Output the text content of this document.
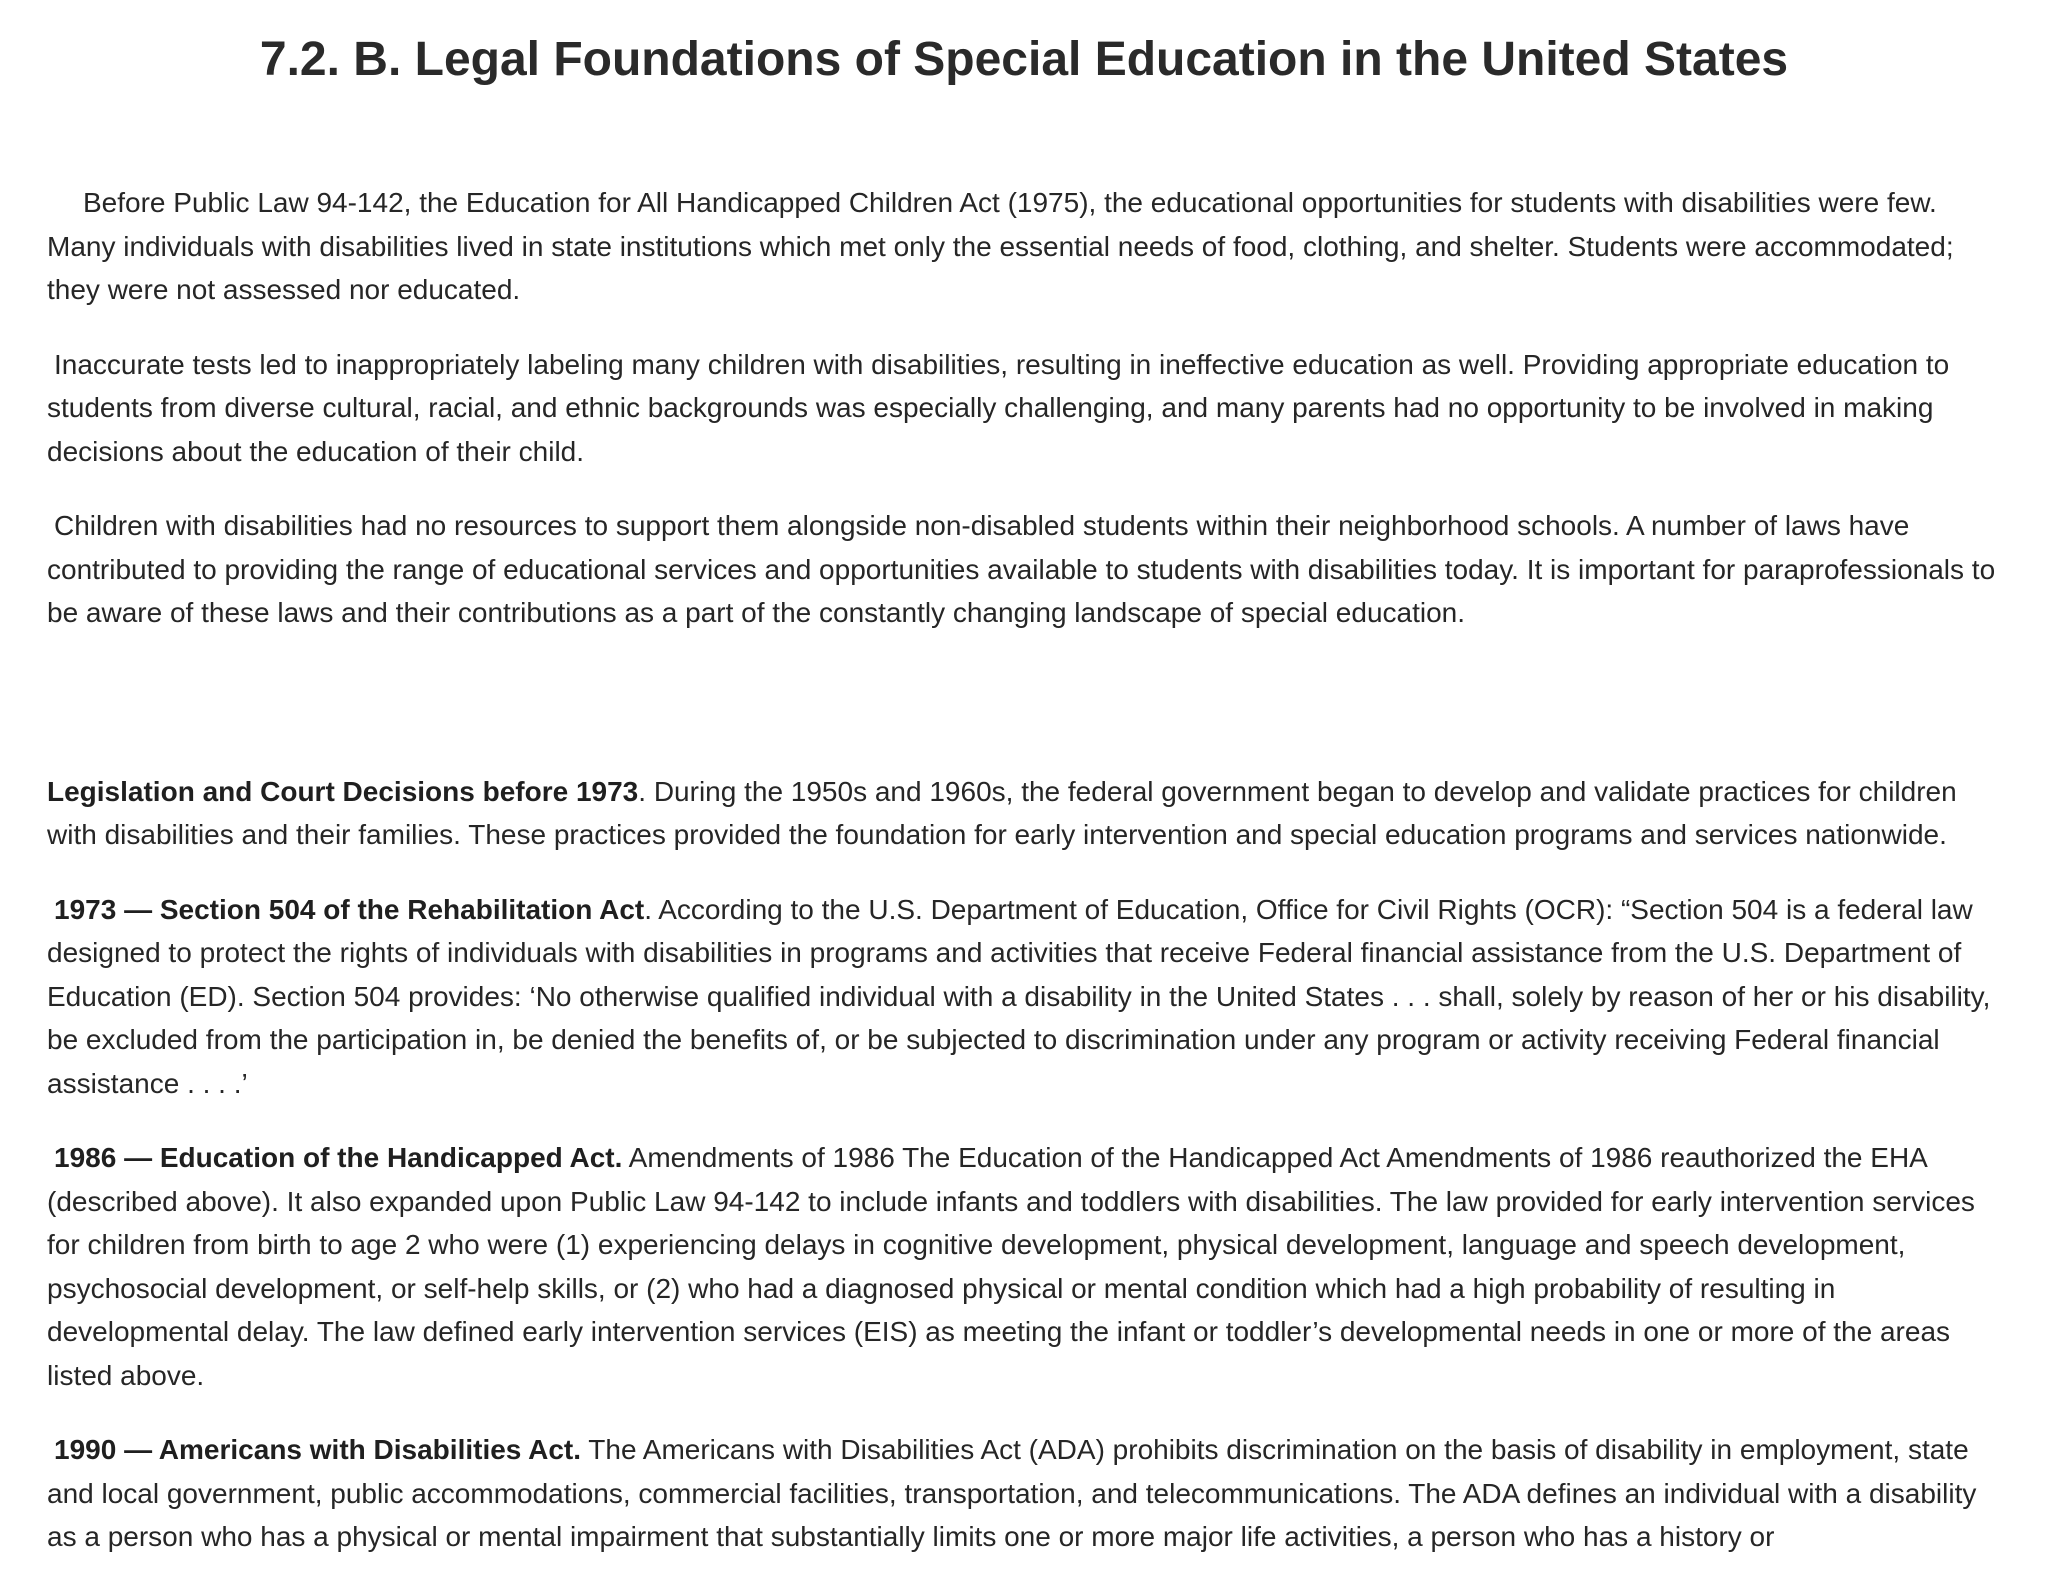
7.2. B. Legal Foundations of Special Education in the United States

Before Public Law 94-142, the Education for All Handicapped Children Act (1975), the educational opportunities for students with disabilities were few. Many individuals with disabilities lived in state institutions which met only the essential needs of food, clothing, and shelter. Students were accommodated; they were not assessed nor educated.

Inaccurate tests led to inappropriately labeling many children with disabilities, resulting in ineffective education as well. Providing appropriate education to students from diverse cultural, racial, and ethnic backgrounds was especially challenging, and many parents had no opportunity to be involved in making decisions about the education of their child.

Children with disabilities had no resources to support them alongside non-disabled students within their neighborhood schools. A number of laws have contributed to providing the range of educational services and opportunities available to students with disabilities today. It is important for paraprofessionals to be aware of these laws and their contributions as a part of the constantly changing landscape of special education.

Legislation and Court Decisions before 1973. During the 1950s and 1960s, the federal government began to develop and validate practices for children with disabilities and their families. These practices provided the foundation for early intervention and special education programs and services nationwide.

1973 — Section 504 of the Rehabilitation Act. According to the U.S. Department of Education, Office for Civil Rights (OCR): “Section 504 is a federal law designed to protect the rights of individuals with disabilities in programs and activities that receive Federal financial assistance from the U.S. Department of Education (ED). Section 504 provides: ‘No otherwise qualified individual with a disability in the United States . . . shall, solely by reason of her or his disability, be excluded from the participation in, be denied the benefits of, or be subjected to discrimination under any program or activity receiving Federal financial assistance . . . .’

1986 — Education of the Handicapped Act. Amendments of 1986 The Education of the Handicapped Act Amendments of 1986 reauthorized the EHA (described above). It also expanded upon Public Law 94-142 to include infants and toddlers with disabilities. The law provided for early intervention services for children from birth to age 2 who were (1) experiencing delays in cognitive development, physical development, language and speech development, psychosocial development, or self-help skills, or (2) who had a diagnosed physical or mental condition which had a high probability of resulting in developmental delay. The law defined early intervention services (EIS) as meeting the infant or toddler’s developmental needs in one or more of the areas listed above.

1990 — Americans with Disabilities Act. The Americans with Disabilities Act (ADA) prohibits discrimination on the basis of disability in employment, state and local government, public accommodations, commercial facilities, transportation, and telecommunications. The ADA defines an individual with a disability as a person who has a physical or mental impairment that substantially limits one or more major life activities, a person who has a history or
